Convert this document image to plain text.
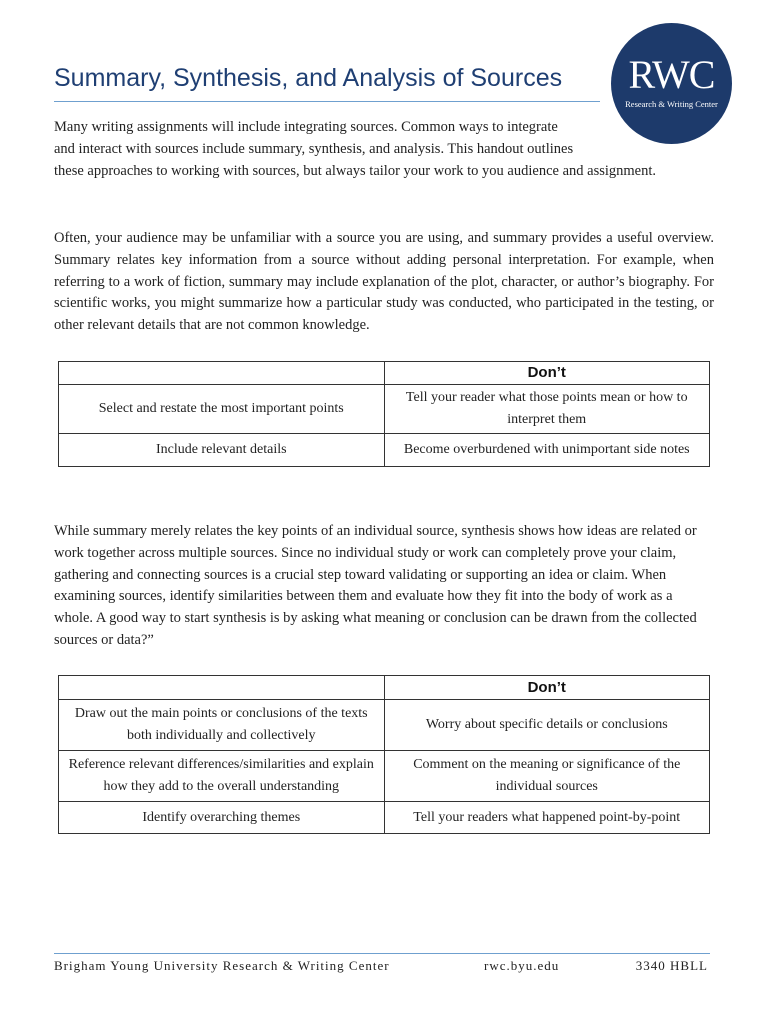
Summary, Synthesis, and Analysis of Sources RWC
Research & Writing Center

Many writing assignments will include integrating sources. Common ways to integrate
and interact with sources include summary, synthesis, and analysis. This handout outlines
these approaches to working with sources, but always tailor your work to you audience and assignment.

Often, your audience may be unfamiliar with a source you are using, and summary provides a useful overview. Summary relates key information from a source without adding personal interpretation. For example, when referring to a work of fiction, summary may include explanation of the plot, character, or author’s biography. For scientific works, you might summarize how a particular study was conducted, who participated in the testing, or other relevant details that are not common knowledge.

	Don’t
Select and restate the most important points	Tell your reader what those points mean or how to interpret them
Include relevant details	Become overburdened with unimportant side notes

While summary merely relates the key points of an individual source, synthesis shows how ideas are related or work together across multiple sources. Since no individual study or work can completely prove your claim, gathering and connecting sources is a crucial step toward validating or supporting an idea or claim. When examining sources, identify similarities between them and evaluate how they fit into the body of work as a whole. A good way to start synthesis is by asking what meaning or conclusion can be drawn from the collected sources or data?”

	Don’t
Draw out the main points or conclusions of the texts both individually and collectively	Worry about specific details or conclusions
Reference relevant differences/similarities and explain how they add to the overall understanding	Comment on the meaning or significance of the individual sources
Identify overarching themes	Tell your readers what happened point-by-point
Brigham Young University Research & Writing Center	rwc.byu.edu	3340 HBLL
